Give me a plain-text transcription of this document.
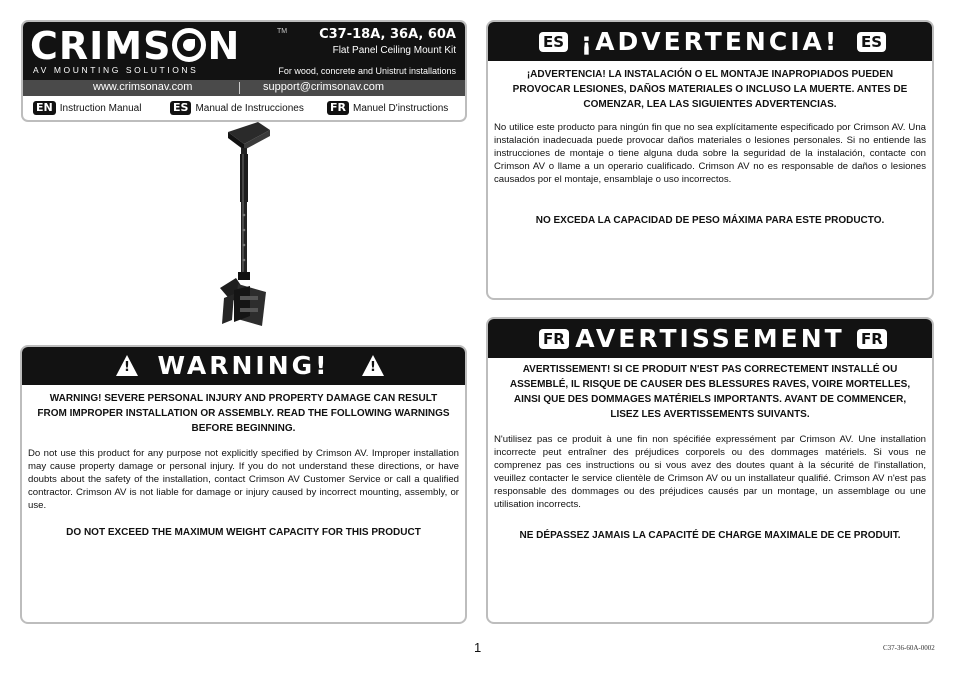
CRIMS N	TM
AV MOUNTING SOLUTIONS
C37-18A, 36A, 60A
Flat Panel Ceiling Mount Kit
For wood, concrete and Unistrut installations
www.crimsonav.com	support@crimsonav.com
EN Instruction Manual	ES Manual de Instrucciones FR Manuel D'instructions
!
WARNING!
!
WARNING! SEVERE PERSONAL INJURY AND PROPERTY DAMAGE CAN RESULT FROM IMPROPER INSTALLATION OR ASSEMBLY. READ THE FOLLOWING WARNINGS BEFORE BEGINNING.
Do not use this product for any purpose not explicitly specified by Crimson AV. Improper installation may cause property damage or personal injury. If you do not understand these directions, or have doubts about the safety of the installation, contact Crimson AV Customer Service or call a qualified contractor. Crimson AV is not liable for damage or injury caused by incorrect mounting, assembly, or use.
DO NOT EXCEED THE MAXIMUM WEIGHT CAPACITY FOR THIS PRODUCT
ES ¡ADVERTENCIA!	ES
¡ADVERTENCIA! LA INSTALACIÓN O EL MONTAJE INAPROPIADOS PUEDEN PROVOCAR LESIONES, DAÑOS MATERIALES O INCLUSO LA MUERTE. ANTES DE COMENZAR, LEA LAS SIGUIENTES ADVERTENCIAS.
No utilice este producto para ningún fin que no sea explícitamente especificado por Crimson AV. Una instalación inadecuada puede provocar daños materiales o lesiones personales. Si no entiende las instrucciones de montaje o tiene alguna duda sobre la seguridad de la instalación, contacte con Crimson AV o llame a un operario cualificado. Crimson AV no es responsable de daños o lesiones causados por el montaje, ensamblaje o uso incorrectos.
NO EXCEDA LA CAPACIDAD DE PESO MÁXIMA PARA ESTE PRODUCTO.
FR AVERTISSEMENT	FR
AVERTISSEMENT! SI CE PRODUIT N'EST PAS CORRECTEMENT INSTALLÉ OU ASSEMBLÉ, IL RISQUE DE CAUSER DES BLESSURES RAVES, VOIRE MORTELLES, AINSI QUE DES DOMMAGES MATÉRIELS IMPORTANTS. AVANT DE COMMENCER, LISEZ LES AVERTISSEMENTS SUIVANTS.
N'utilisez pas ce produit à une fin non spécifiée expressément par Crimson AV. Une installation incorrecte peut entraîner des préjudices corporels ou des dommages matériels. Si vous ne comprenez pas ces instructions ou si vous avez des doutes quant à la sécurité de l'installation, veuillez contacter le service clientèle de Crimson AV ou un installateur qualifié. Crimson AV n'est pas responsable des dommages ou des préjudices causés par un montage, un assemblage ou une utilisation incorrects.
NE DÉPASSEZ JAMAIS LA CAPACITÉ DE CHARGE MAXIMALE DE CE PRODUIT.
1	C37-36-60A-0002
